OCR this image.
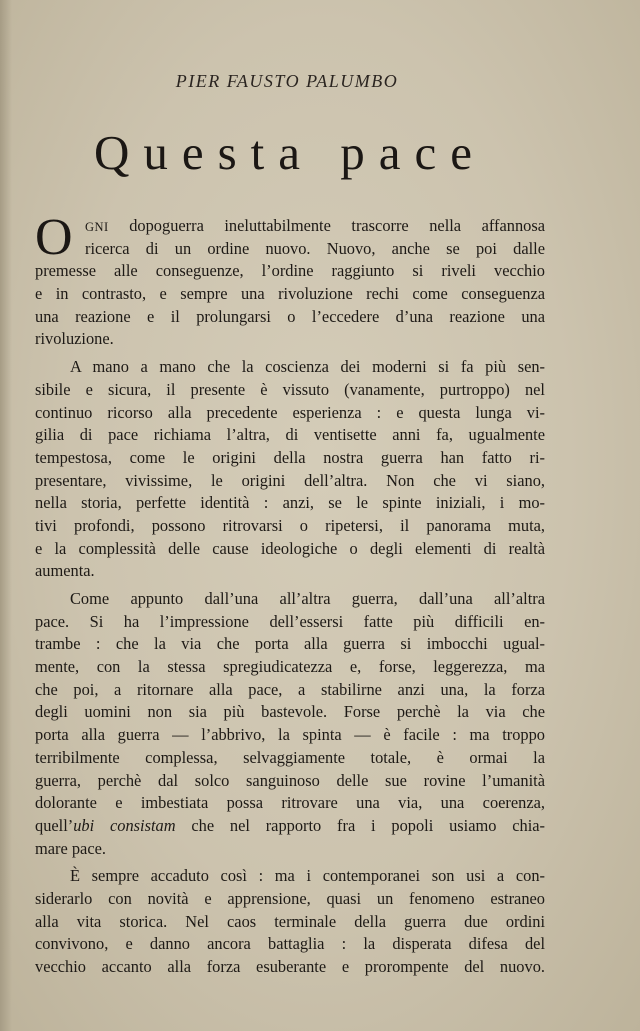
PIER FAUSTO PALUMBO
Questa pace
O GNI dopoguerra ineluttabilmente trascorre nella affannosa
ricerca di un ordine nuovo. Nuovo, anche se poi dalle
premesse alle conseguenze, l’ordine raggiunto si riveli vecchio
e in contrasto, e sempre una rivoluzione rechi come conseguenza
una reazione e il prolungarsi o l’eccedere d’una reazione una
rivoluzione.
A mano a mano che la coscienza dei moderni si fa più sen-
sibile e sicura, il presente è vissuto (vanamente, purtroppo) nel
continuo ricorso alla precedente esperienza : e questa lunga vi-
gilia di pace richiama l’altra, di ventisette anni fa, ugualmente
tempestosa, come le origini della nostra guerra han fatto ri-
presentare, vivissime, le origini dell’altra. Non che vi siano,
nella storia, perfette identità : anzi, se le spinte iniziali, i mo-
tivi profondi, possono ritrovarsi o ripetersi, il panorama muta,
e la complessità delle cause ideologiche o degli elementi di realtà
aumenta.
Come appunto dall’una all’altra guerra, dall’una all’altra
pace. Si ha l’impressione dell’essersi fatte più difficili en-
trambe : che la via che porta alla guerra si imbocchi ugual-
mente, con la stessa spregiudicatezza e, forse, leggerezza, ma
che poi, a ritornare alla pace, a stabilirne anzi una, la forza
degli uomini non sia più bastevole. Forse perchè la via che
porta alla guerra — l’abbrivo, la spinta — è facile : ma troppo
terribilmente complessa, selvaggiamente totale, è ormai la
guerra, perchè dal solco sanguinoso delle sue rovine l’umanità
dolorante e imbestiata possa ritrovare una via, una coerenza,
quell’ubi consistam che nel rapporto fra i popoli usiamo chia-
mare pace.
È sempre accaduto così : ma i contemporanei son usi a con-
siderarlo con novità e apprensione, quasi un fenomeno estraneo
alla vita storica. Nel caos terminale della guerra due ordini
convivono, e danno ancora battaglia : la disperata difesa del
vecchio accanto alla forza esuberante e prorompente del nuovo.
